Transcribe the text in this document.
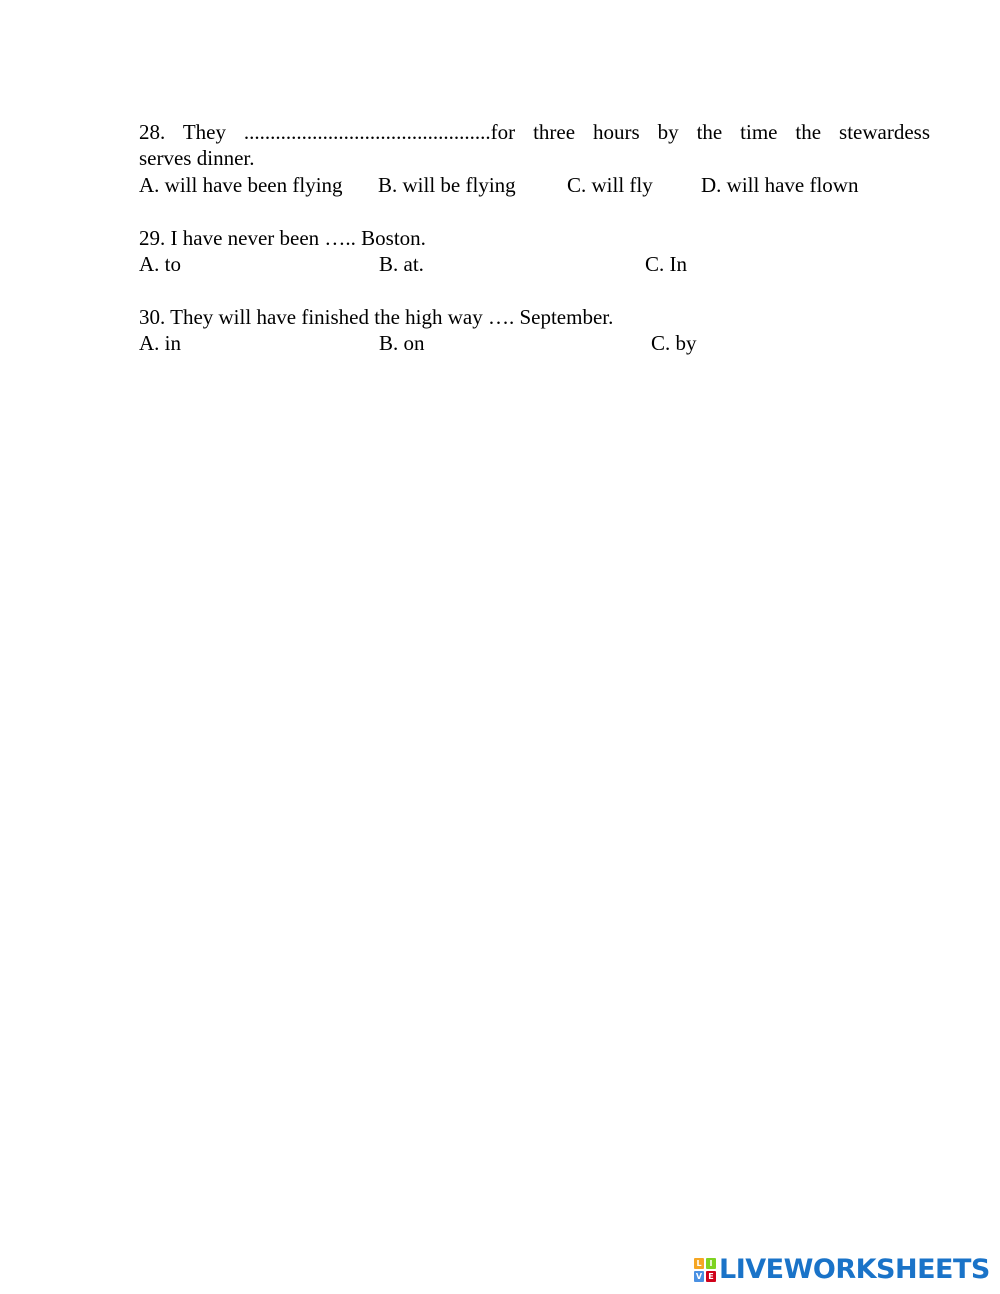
28. They ...............................................for three hours by the time the stewardess
serves dinner.
A. will have been flying B. will be flying C. will fly D. will have flown
29. I have never been ….. Boston.
A. to	B. at.	C. In
30. They will have finished the high way …. September.
A. in	B. on	C. by
L I
V E LIVEWORKSHEETS
